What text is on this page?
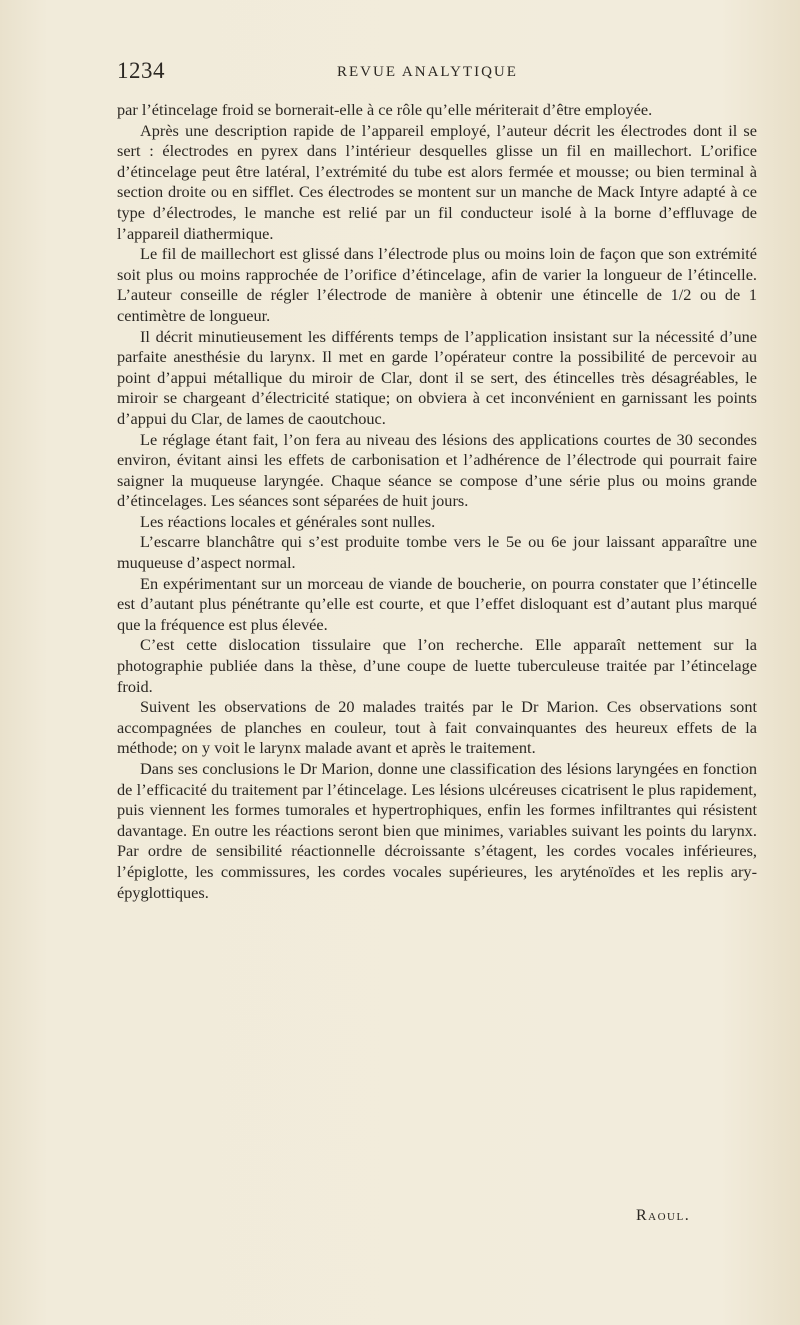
1234	REVUE ANALYTIQUE

par l’étincelage froid se bornerait-elle à ce rôle qu’elle mériterait d’être employée.

Après une description rapide de l’appareil employé, l’auteur décrit les électrodes dont il se sert : électrodes en pyrex dans l’intérieur desquelles glisse un fil en maillechort. L’orifice d’étincelage peut être latéral, l’extrémité du tube est alors fermée et mousse; ou bien terminal à section droite ou en sifflet. Ces électrodes se montent sur un manche de Mack Intyre adapté à ce type d’électrodes, le manche est relié par un fil conducteur isolé à la borne d’effluvage de l’appareil diathermique.

Le fil de maillechort est glissé dans l’électrode plus ou moins loin de façon que son extrémité soit plus ou moins rapprochée de l’orifice d’étincelage, afin de varier la longueur de l’étincelle. L’auteur conseille de régler l’électrode de manière à obtenir une étincelle de 1/2 ou de 1 centimètre de longueur.

Il décrit minutieusement les différents temps de l’application insistant sur la nécessité d’une parfaite anesthésie du larynx. Il met en garde l’opérateur contre la possibilité de percevoir au point d’appui métallique du miroir de Clar, dont il se sert, des étincelles très désagréables, le miroir se chargeant d’électricité statique; on obviera à cet inconvénient en garnissant les points d’appui du Clar, de lames de caoutchouc.

Le réglage étant fait, l’on fera au niveau des lésions des applications courtes de 30 secondes environ, évitant ainsi les effets de carbonisation et l’adhérence de l’électrode qui pourrait faire saigner la muqueuse laryngée. Chaque séance se compose d’une série plus ou moins grande d’étincelages. Les séances sont séparées de huit jours.

Les réactions locales et générales sont nulles.

L’escarre blanchâtre qui s’est produite tombe vers le 5e ou 6e jour laissant apparaître une muqueuse d’aspect normal.

En expérimentant sur un morceau de viande de boucherie, on pourra constater que l’étincelle est d’autant plus pénétrante qu’elle est courte, et que l’effet disloquant est d’autant plus marqué que la fréquence est plus élevée.

C’est cette dislocation tissulaire que l’on recherche. Elle apparaît nettement sur la photographie publiée dans la thèse, d’une coupe de luette tuberculeuse traitée par l’étincelage froid.

Suivent les observations de 20 malades traités par le Dr Marion. Ces observations sont accompagnées de planches en couleur, tout à fait convainquantes des heureux effets de la méthode; on y voit le larynx malade avant et après le traitement.

Dans ses conclusions le Dr Marion, donne une classification des lésions laryngées en fonction de l’efficacité du traitement par l’étincelage. Les lésions ulcéreuses cicatrisent le plus rapidement, puis viennent les formes tumorales et hypertrophiques, enfin les formes infiltrantes qui résistent davantage. En outre les réactions seront bien que minimes, variables suivant les points du larynx. Par ordre de sensibilité réactionnelle décroissante s’étagent, les cordes vocales inférieures, l’épiglotte, les commissures, les cordes vocales supérieures, les aryténoïdes et les replis ary-épyglottiques.

Raoul.
